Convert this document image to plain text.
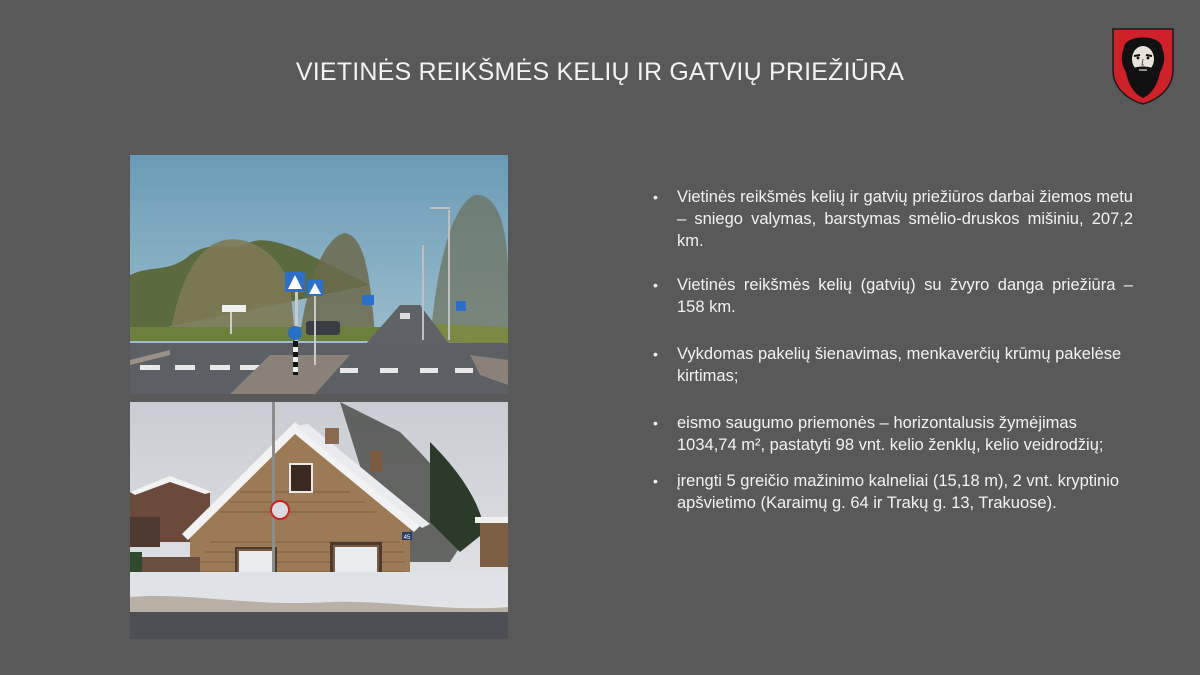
VIETINĖS REIKŠMĖS KELIŲ IR GATVIŲ PRIEŽIŪRA
45
• Vietinės reikšmės kelių ir gatvių priežiūros darbai žiemos metu – sniego valymas, barstymas smėlio-druskos mišiniu, 207,2 km.
• Vietinės reikšmės kelių (gatvių) su žvyro danga priežiūra – 158 km.
• Vykdomas pakelių šienavimas, menkaverčių krūmų pakelėse kirtimas;
• eismo saugumo priemonės – horizontalusis žymėjimas 1034,74 m², pastatyti 98 vnt. kelio ženklų, kelio veidrodžių;
• įrengti 5 greičio mažinimo kalneliai (15,18 m), 2 vnt. kryptinio apšvietimo (Karaimų g. 64 ir Trakų g. 13, Trakuose).
